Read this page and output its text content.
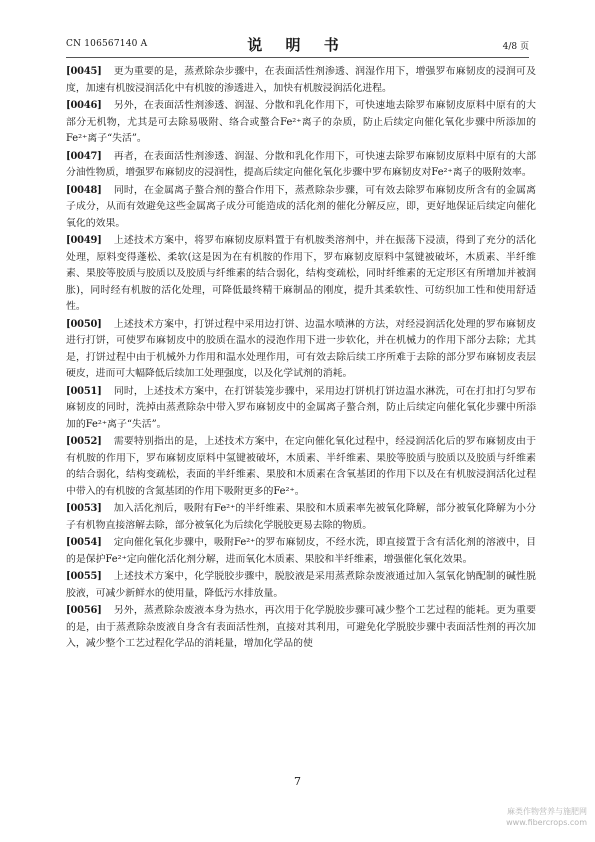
CN 106567140 A	说 明 书	4/8 页

[0045] 更为重要的是，蒸煮除杂步骤中，在表面活性剂渗透、润湿作用下，增强罗布麻韧皮的浸润可及度，加速有机胺浸润活化中有机胺的渗透进入，加快有机胺浸润活化进程。

[0046] 另外，在表面活性剂渗透、润湿、分散和乳化作用下，可快速地去除罗布麻韧皮原料中原有的大部分无机物，尤其是可去除易吸附、络合或螯合Fe²⁺离子的杂质，防止后续定向催化氧化步骤中所添加的Fe²⁺离子“失活”。

[0047] 再者，在表面活性剂渗透、润湿、分散和乳化作用下，可快速去除罗布麻韧皮原料中原有的大部分油性物质，增强罗布麻韧皮的浸润性，提高后续定向催化氧化步骤中罗布麻韧皮对Fe²⁺离子的吸附效率。

[0048] 同时，在金属离子螯合剂的螯合作用下，蒸煮除杂步骤，可有效去除罗布麻韧皮所含有的金属离子成分，从而有效避免这些金属离子成分可能造成的活化剂的催化分解反应，即，更好地保证后续定向催化氧化的效果。

[0049] 上述技术方案中，将罗布麻韧皮原料置于有机胺类溶剂中，并在振荡下浸渍，得到了充分的活化处理，原料变得蓬松、柔软(这是因为在有机胺的作用下，罗布麻韧皮原料中氢键被破坏，木质素、半纤维素、果胶等胶质与胶质以及胶质与纤维素的结合弱化，结构变疏松，同时纤维素的无定形区有所增加并被润胀)，同时经有机胺的活化处理，可降低最终精干麻制品的刚度，提升其柔软性、可纺织加工性和使用舒适性。

[0050] 上述技术方案中，打饼过程中采用边打饼、边温水喷淋的方法，对经浸润活化处理的罗布麻韧皮进行打饼，可使罗布麻韧皮中的胶质在温水的浸泡作用下进一步软化，并在机械力的作用下部分去除；尤其是，打饼过程中由于机械外力作用和温水处理作用，可有效去除后续工序所难于去除的部分罗布麻韧皮表层硬皮，进而可大幅降低后续加工处理强度，以及化学试剂的消耗。

[0051] 同时，上述技术方案中，在打饼装笼步骤中，采用边打饼机打饼边温水淋洗，可在打扣打匀罗布麻韧皮的同时，洗掉由蒸煮除杂中带入罗布麻韧皮中的金属离子螯合剂，防止后续定向催化氧化步骤中所添加的Fe²⁺离子“失活”。

[0052] 需要特别指出的是，上述技术方案中，在定向催化氧化过程中，经浸润活化后的罗布麻韧皮由于有机胺的作用下，罗布麻韧皮原料中氢键被破坏，木质素、半纤维素、果胶等胶质与胶质以及胶质与纤维素的结合弱化，结构变疏松，表面的半纤维素、果胶和木质素在含氧基团的作用下以及在有机胺浸润活化过程中带入的有机胺的含氮基团的作用下吸附更多的Fe²⁺。

[0053] 加入活化剂后，吸附有Fe²⁺的半纤维素、果胶和木质素率先被氧化降解，部分被氧化降解为小分子有机物直接溶解去除，部分被氧化为后续化学脱胶更易去除的物质。

[0054] 定向催化氧化步骤中，吸附Fe²⁺的罗布麻韧皮，不经水洗，即直接置于含有活化剂的溶液中，目的是保护Fe²⁺定向催化活化剂分解，进而氧化木质素、果胶和半纤维素，增强催化氧化效果。

[0055] 上述技术方案中，化学脱胶步骤中，脱胶液是采用蒸煮除杂废液通过加入氢氧化钠配制的碱性脱胶液，可减少新鲜水的使用量，降低污水排放量。

[0056] 另外，蒸煮除杂废液本身为热水，再次用于化学脱胶步骤可减少整个工艺过程的能耗。更为重要的是，由于蒸煮除杂废液自身含有表面活性剂，直接对其利用，可避免化学脱胶步骤中表面活性剂的再次加入，减少整个工艺过程化学品的消耗量，增加化学品的使

7
麻类作物营养与施肥网
www.fibercrops.com
